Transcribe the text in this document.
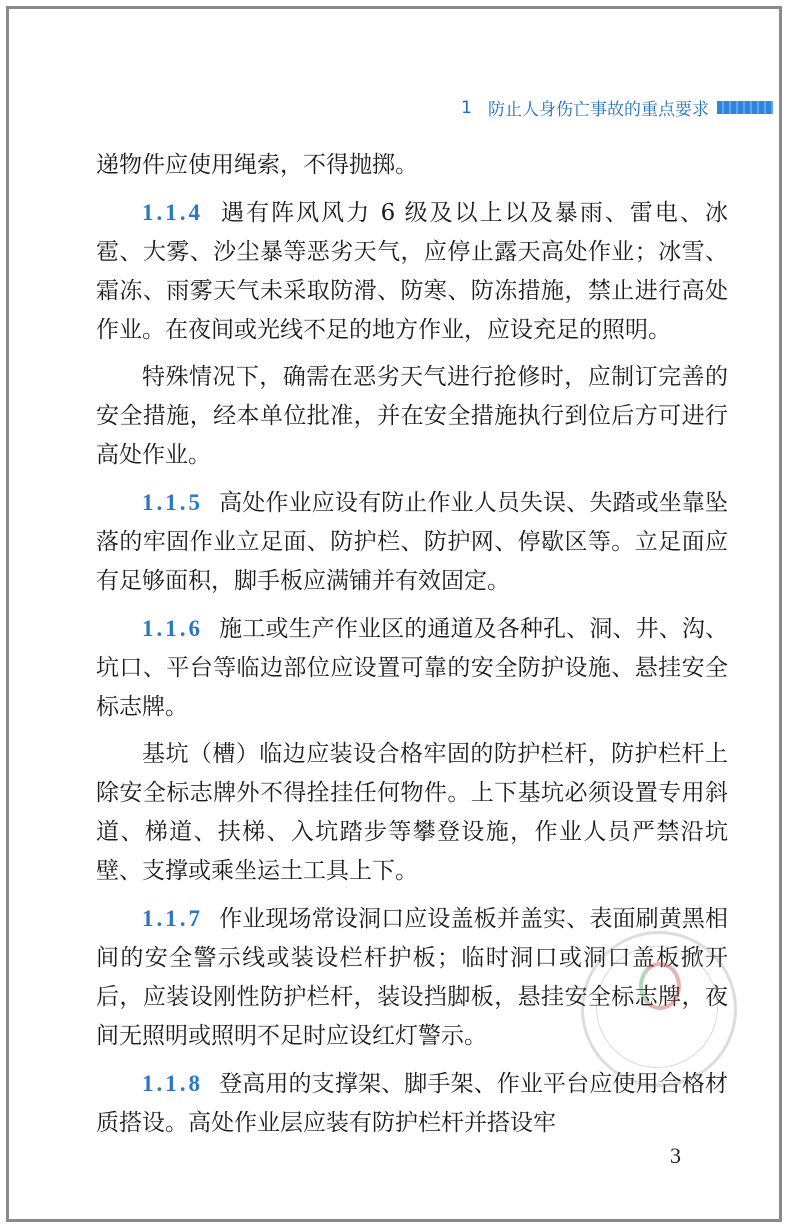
1 防止人身伤亡事故的重点要求

递物件应使用绳索，不得抛掷。

1.1.4 遇有阵风风力 6 级及以上以及暴雨、雷电、冰雹、大雾、沙尘暴等恶劣天气，应停止露天高处作业；冰雪、霜冻、雨雾天气未采取防滑、防寒、防冻措施，禁止进行高处作业。在夜间或光线不足的地方作业，应设充足的照明。

特殊情况下，确需在恶劣天气进行抢修时，应制订完善的安全措施，经本单位批准，并在安全措施执行到位后方可进行高处作业。

1.1.5 高处作业应设有防止作业人员失误、失踏或坐靠坠落的牢固作业立足面、防护栏、防护网、停歇区等。立足面应有足够面积，脚手板应满铺并有效固定。

1.1.6 施工或生产作业区的通道及各种孔、洞、井、沟、坑口、平台等临边部位应设置可靠的安全防护设施、悬挂安全标志牌。

基坑（槽）临边应装设合格牢固的防护栏杆，防护栏杆上除安全标志牌外不得拴挂任何物件。上下基坑必须设置专用斜道、梯道、扶梯、入坑踏步等攀登设施，作业人员严禁沿坑壁、支撑或乘坐运土工具上下。

1.1.7 作业现场常设洞口应设盖板并盖实、表面刷黄黑相间的安全警示线或装设栏杆护板；临时洞口或洞口盖板掀开后，应装设刚性防护栏杆，装设挡脚板，悬挂安全标志牌，夜间无照明或照明不足时应设红灯警示。

1.1.8 登高用的支撑架、脚手架、作业平台应使用合格材质搭设。高处作业层应装有防护栏杆并搭设牢

3
